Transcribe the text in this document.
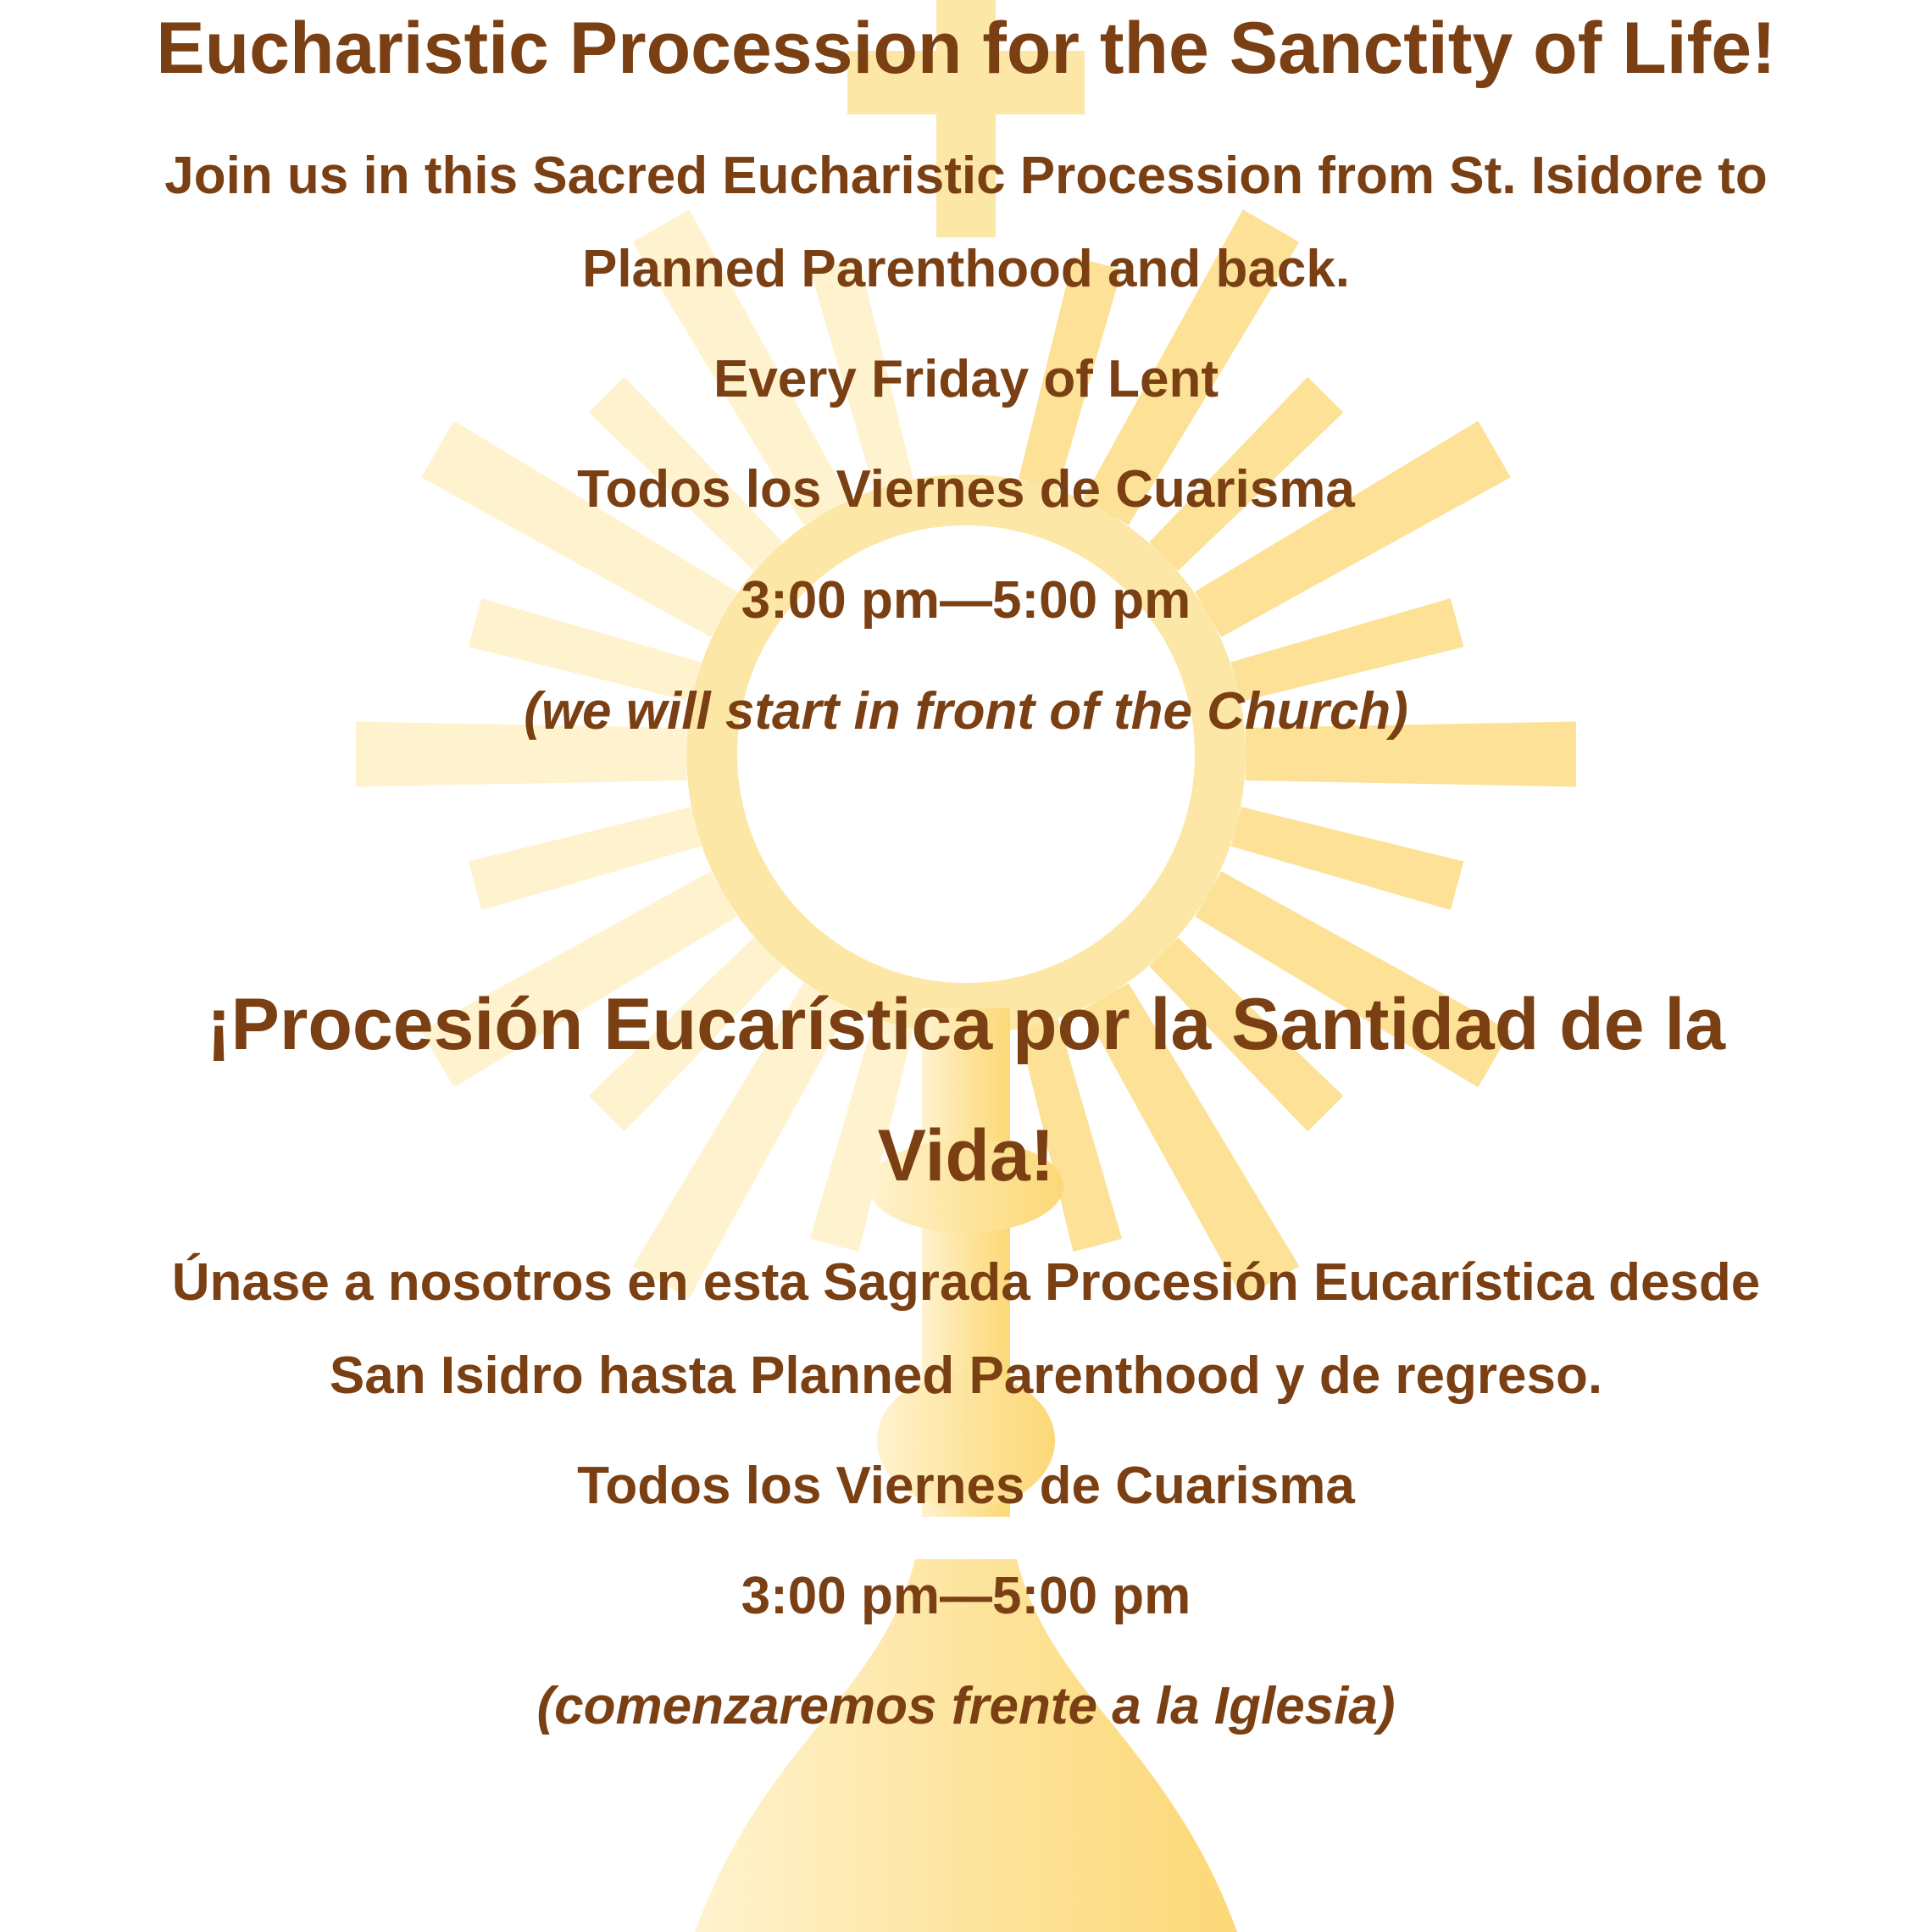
Eucharistic Procession for the Sanctity of Life!
Join us in this Sacred Eucharistic Procession from St. Isidore to
Planned Parenthood and back.
Every Friday of Lent
Todos los Viernes de Cuarisma
3:00 pm—5:00 pm
(we will start in front of the Church)
¡Procesión Eucarística por la Santidad de la
Vida!
Únase a nosotros en esta Sagrada Procesión Eucarística desde
San Isidro hasta Planned Parenthood y de regreso.
Todos los Viernes de Cuarisma
3:00 pm—5:00 pm
(comenzaremos frente a la Iglesia)
